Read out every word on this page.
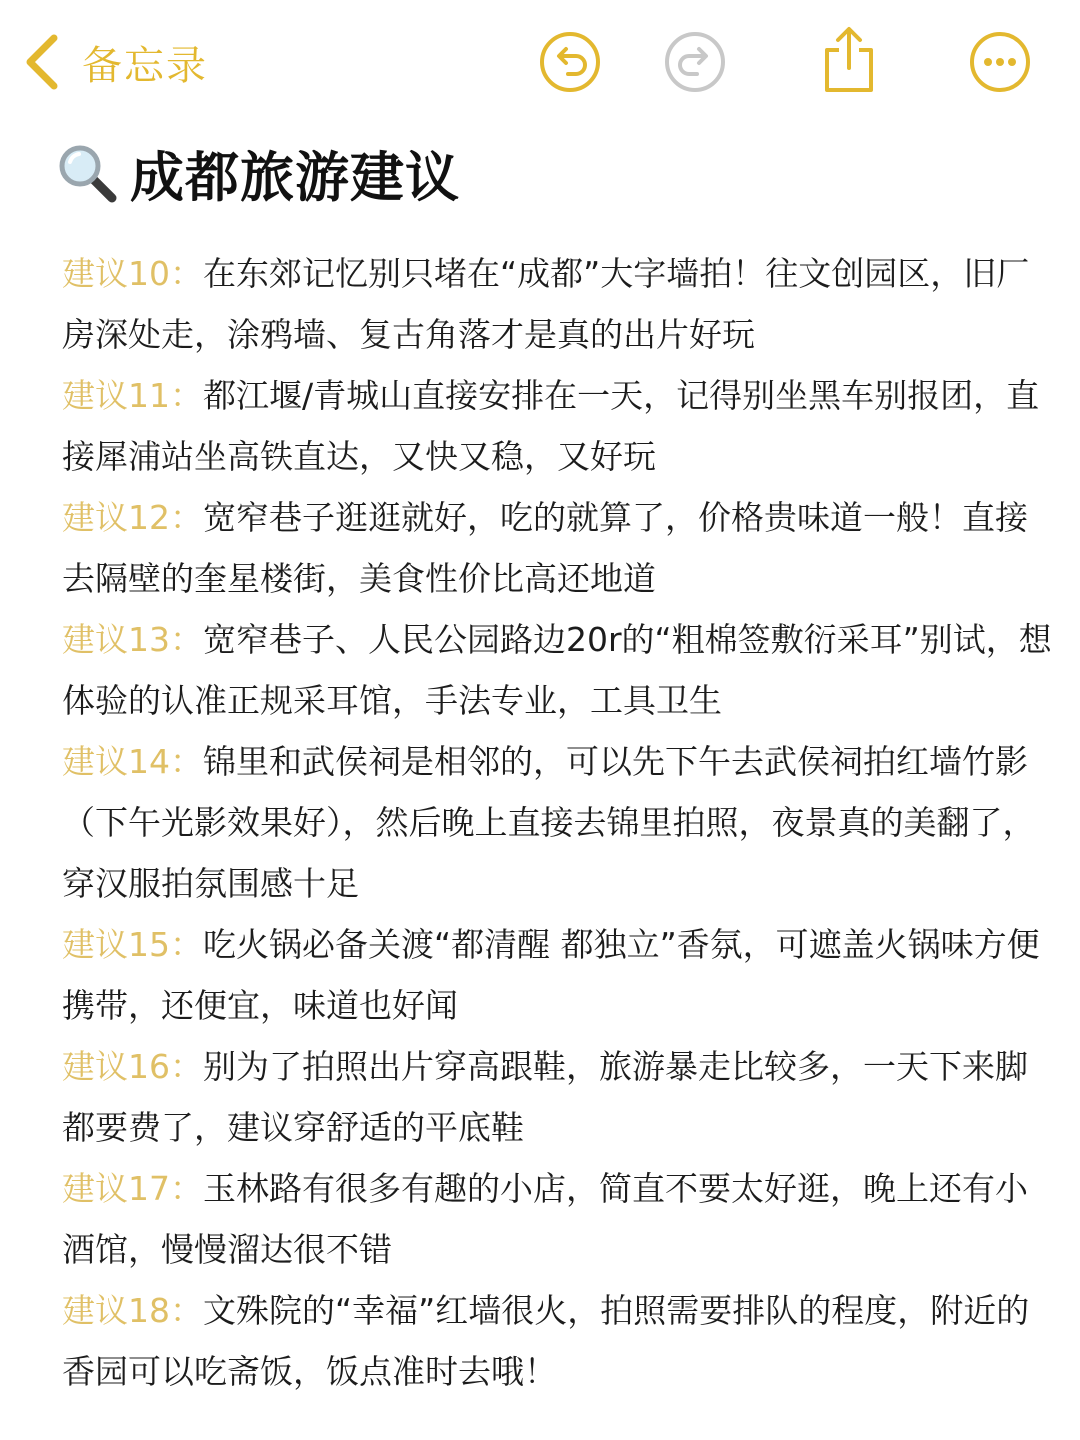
备忘录
成都旅游建议

建议10：在东郊记忆别只堵在“成都”大字墙拍！往文创园区，旧厂房深处走，涂鸦墙、复古角落才是真的出片好玩

建议11：都江堰/青城山直接安排在一天，记得别坐黑车别报团，直接犀浦站坐高铁直达，又快又稳，又好玩

建议12：宽窄巷子逛逛就好，吃的就算了，价格贵味道一般！直接去隔壁的奎星楼街，美食性价比高还地道

建议13：宽窄巷子、人民公园路边20r的“粗棉签敷衍采耳”别试，想体验的认准正规采耳馆，手法专业，工具卫生

建议14：锦里和武侯祠是相邻的，可以先下午去武侯祠拍红墙竹影（下午光影效果好），然后晚上直接去锦里拍照，夜景真的美翻了，穿汉服拍氛围感十足

建议15：吃火锅必备关渡“都清醒 都独立”香氛，可遮盖火锅味方便携带，还便宜，味道也好闻

建议16：别为了拍照出片穿高跟鞋，旅游暴走比较多，一天下来脚都要费了，建议穿舒适的平底鞋

建议17：玉林路有很多有趣的小店，简直不要太好逛，晚上还有小酒馆，慢慢溜达很不错

建议18：文殊院的“幸福”红墙很火，拍照需要排队的程度，附近的香园可以吃斋饭，饭点准时去哦！
